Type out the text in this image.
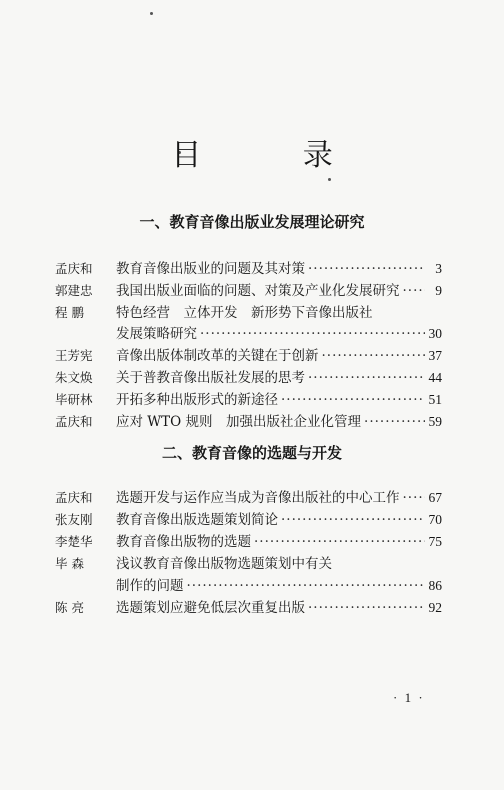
目 录
一、教育音像出版业发展理论研究
孟庆和	教育音像出版业的问题及其对策 ·····	3
郭建忠	我国出版业面临的问题、对策及产业化发展研究 ·····	9
程 鹏	特色经营　立体开发　新形势下音像出版社
发展策略研究 ·····	30
王芳宪	音像出版体制改革的关键在于创新 ·····	37
朱文焕	关于普教音像出版社发展的思考 ·····	44
毕研林	开拓多种出版形式的新途径 ·····	51
孟庆和	应对 WTO 规则　加强出版社企业化管理 ·····	59
二、教育音像的选题与开发
孟庆和	选题开发与运作应当成为音像出版社的中心工作 ····· 67
张友刚	教育音像出版选题策划简论 ·····	70
李楚华	教育音像出版物的选题 ·····	75
毕 森	浅议教育音像出版物选题策划中有关
制作的问题 ·····	86
陈 亮	选题策划应避免低层次重复出版 ·····	92
· 1 ·
